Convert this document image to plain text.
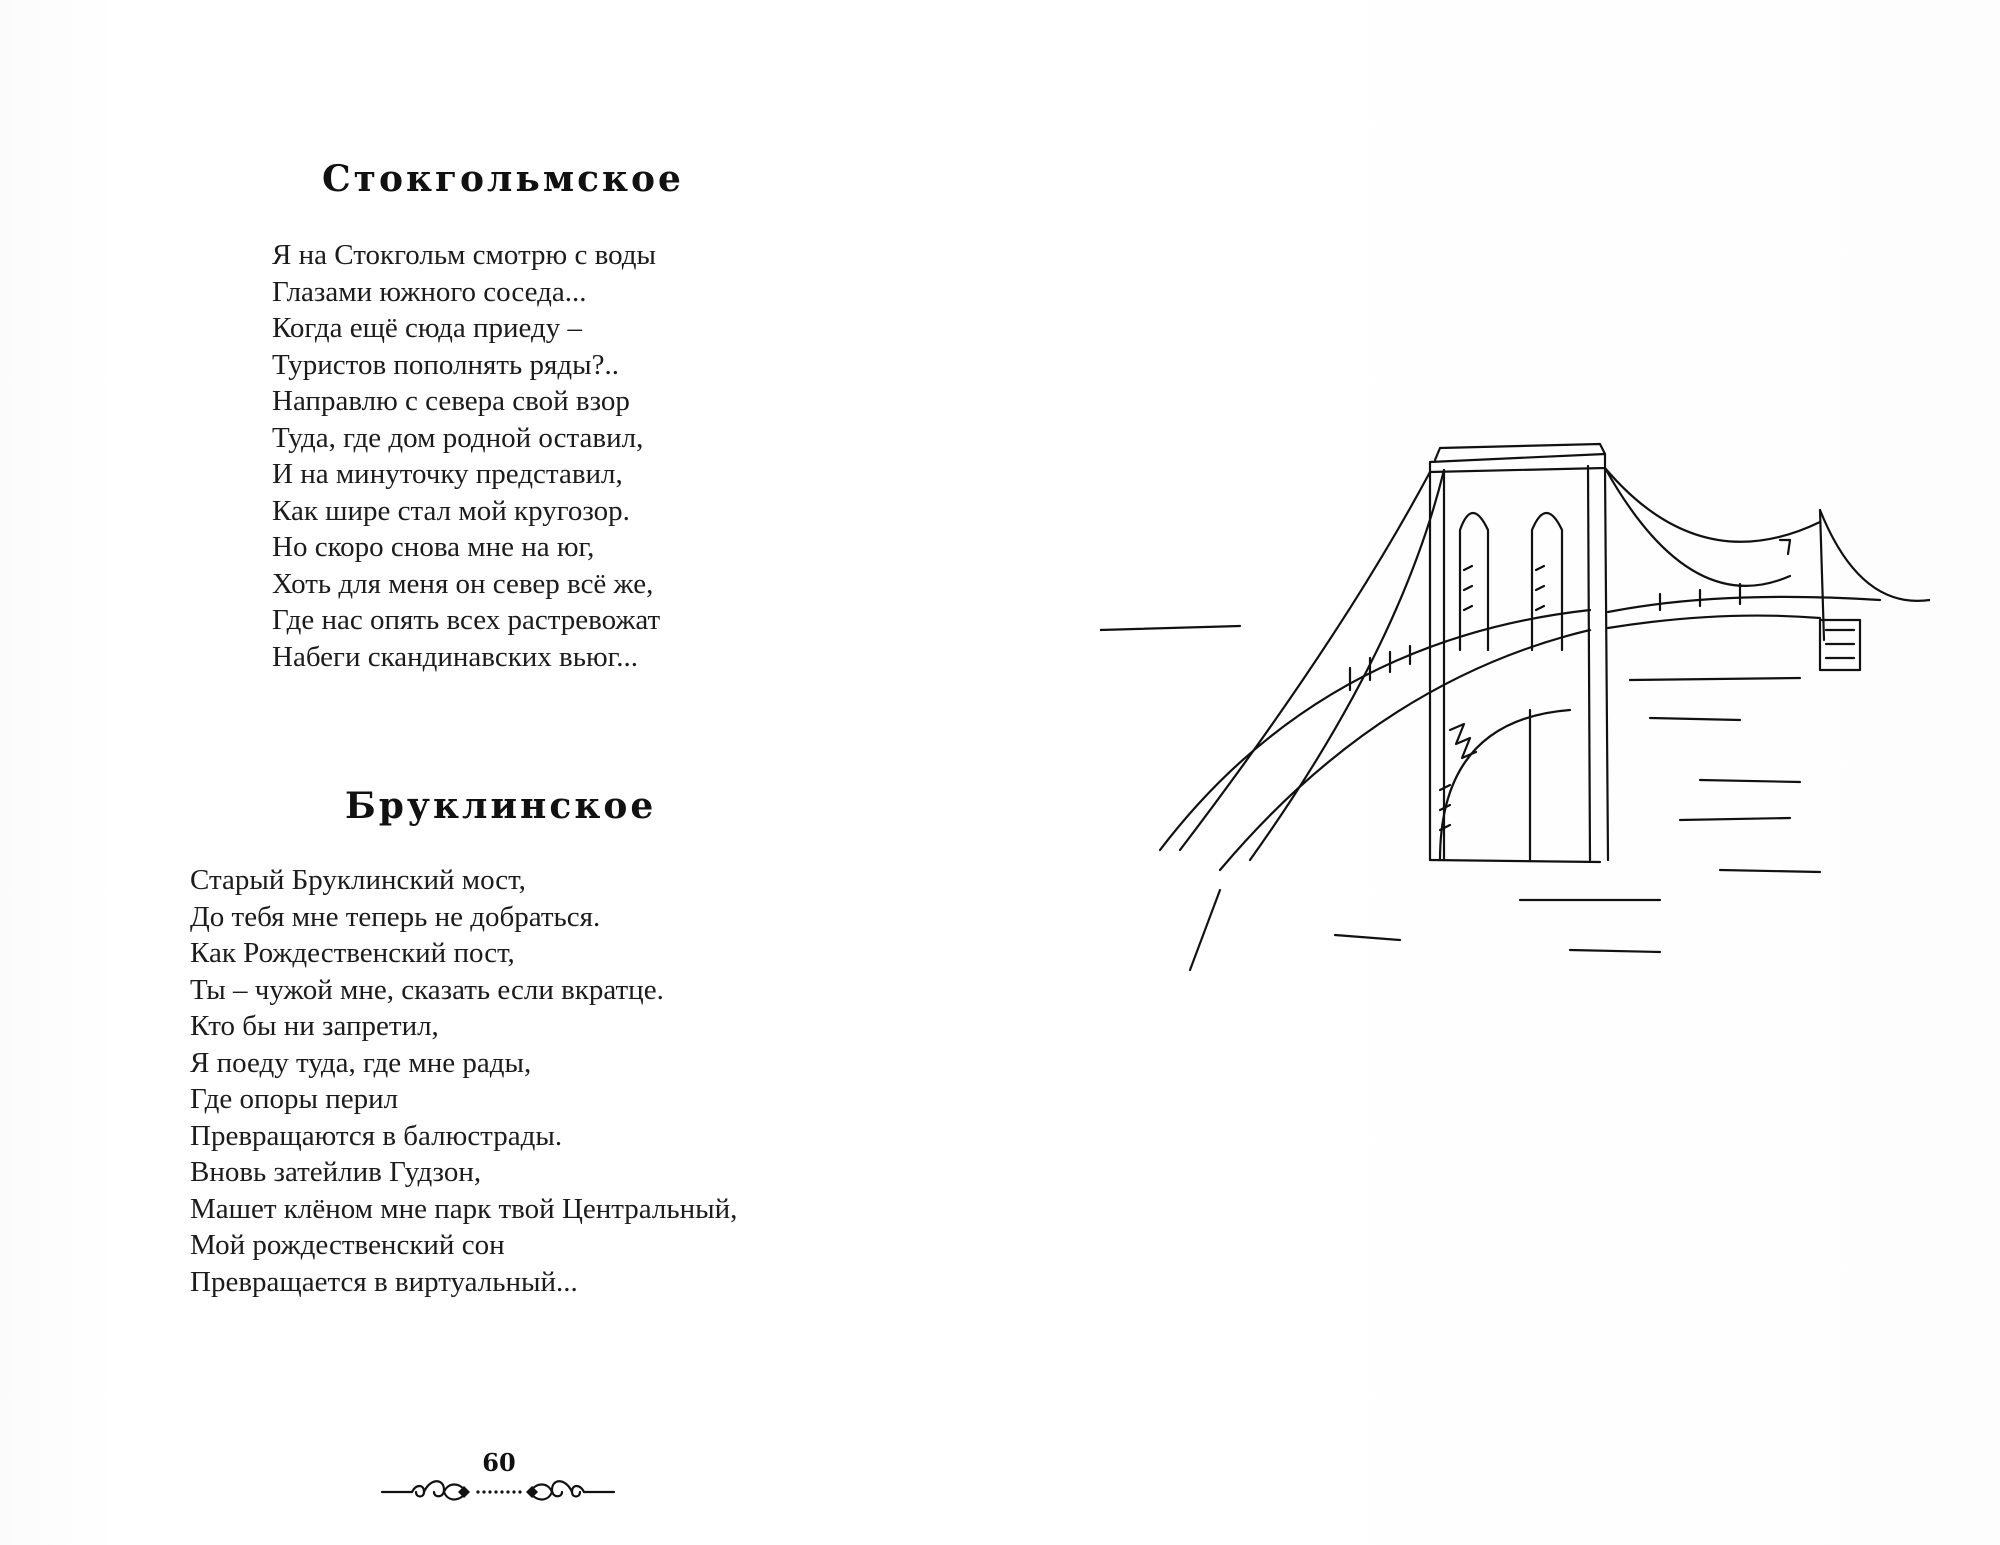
Стокгольмское
Я на Стокгольм смотрю с воды
Глазами южного соседа...
Когда ещё сюда приеду –
Туристов пополнять ряды?..
Направлю с севера свой взор
Туда, где дом родной оставил,
И на минуточку представил,
Как шире стал мой кругозор.
Но скоро снова мне на юг,
Хоть для меня он север всё же,
Где нас опять всех растревожат
Набеги скандинавских вьюг...
Бруклинское
Старый Бруклинский мост,
До тебя мне теперь не добраться.
Как Рождественский пост,
Ты – чужой мне, сказать если вкратце.
Кто бы ни запретил,
Я поеду туда, где мне рады,
Где опоры перил
Превращаются в балюстрады.
Вновь затейлив Гудзон,
Машет клёном мне парк твой Центральный,
Мой рождественский сон
Превращается в виртуальный...
60
